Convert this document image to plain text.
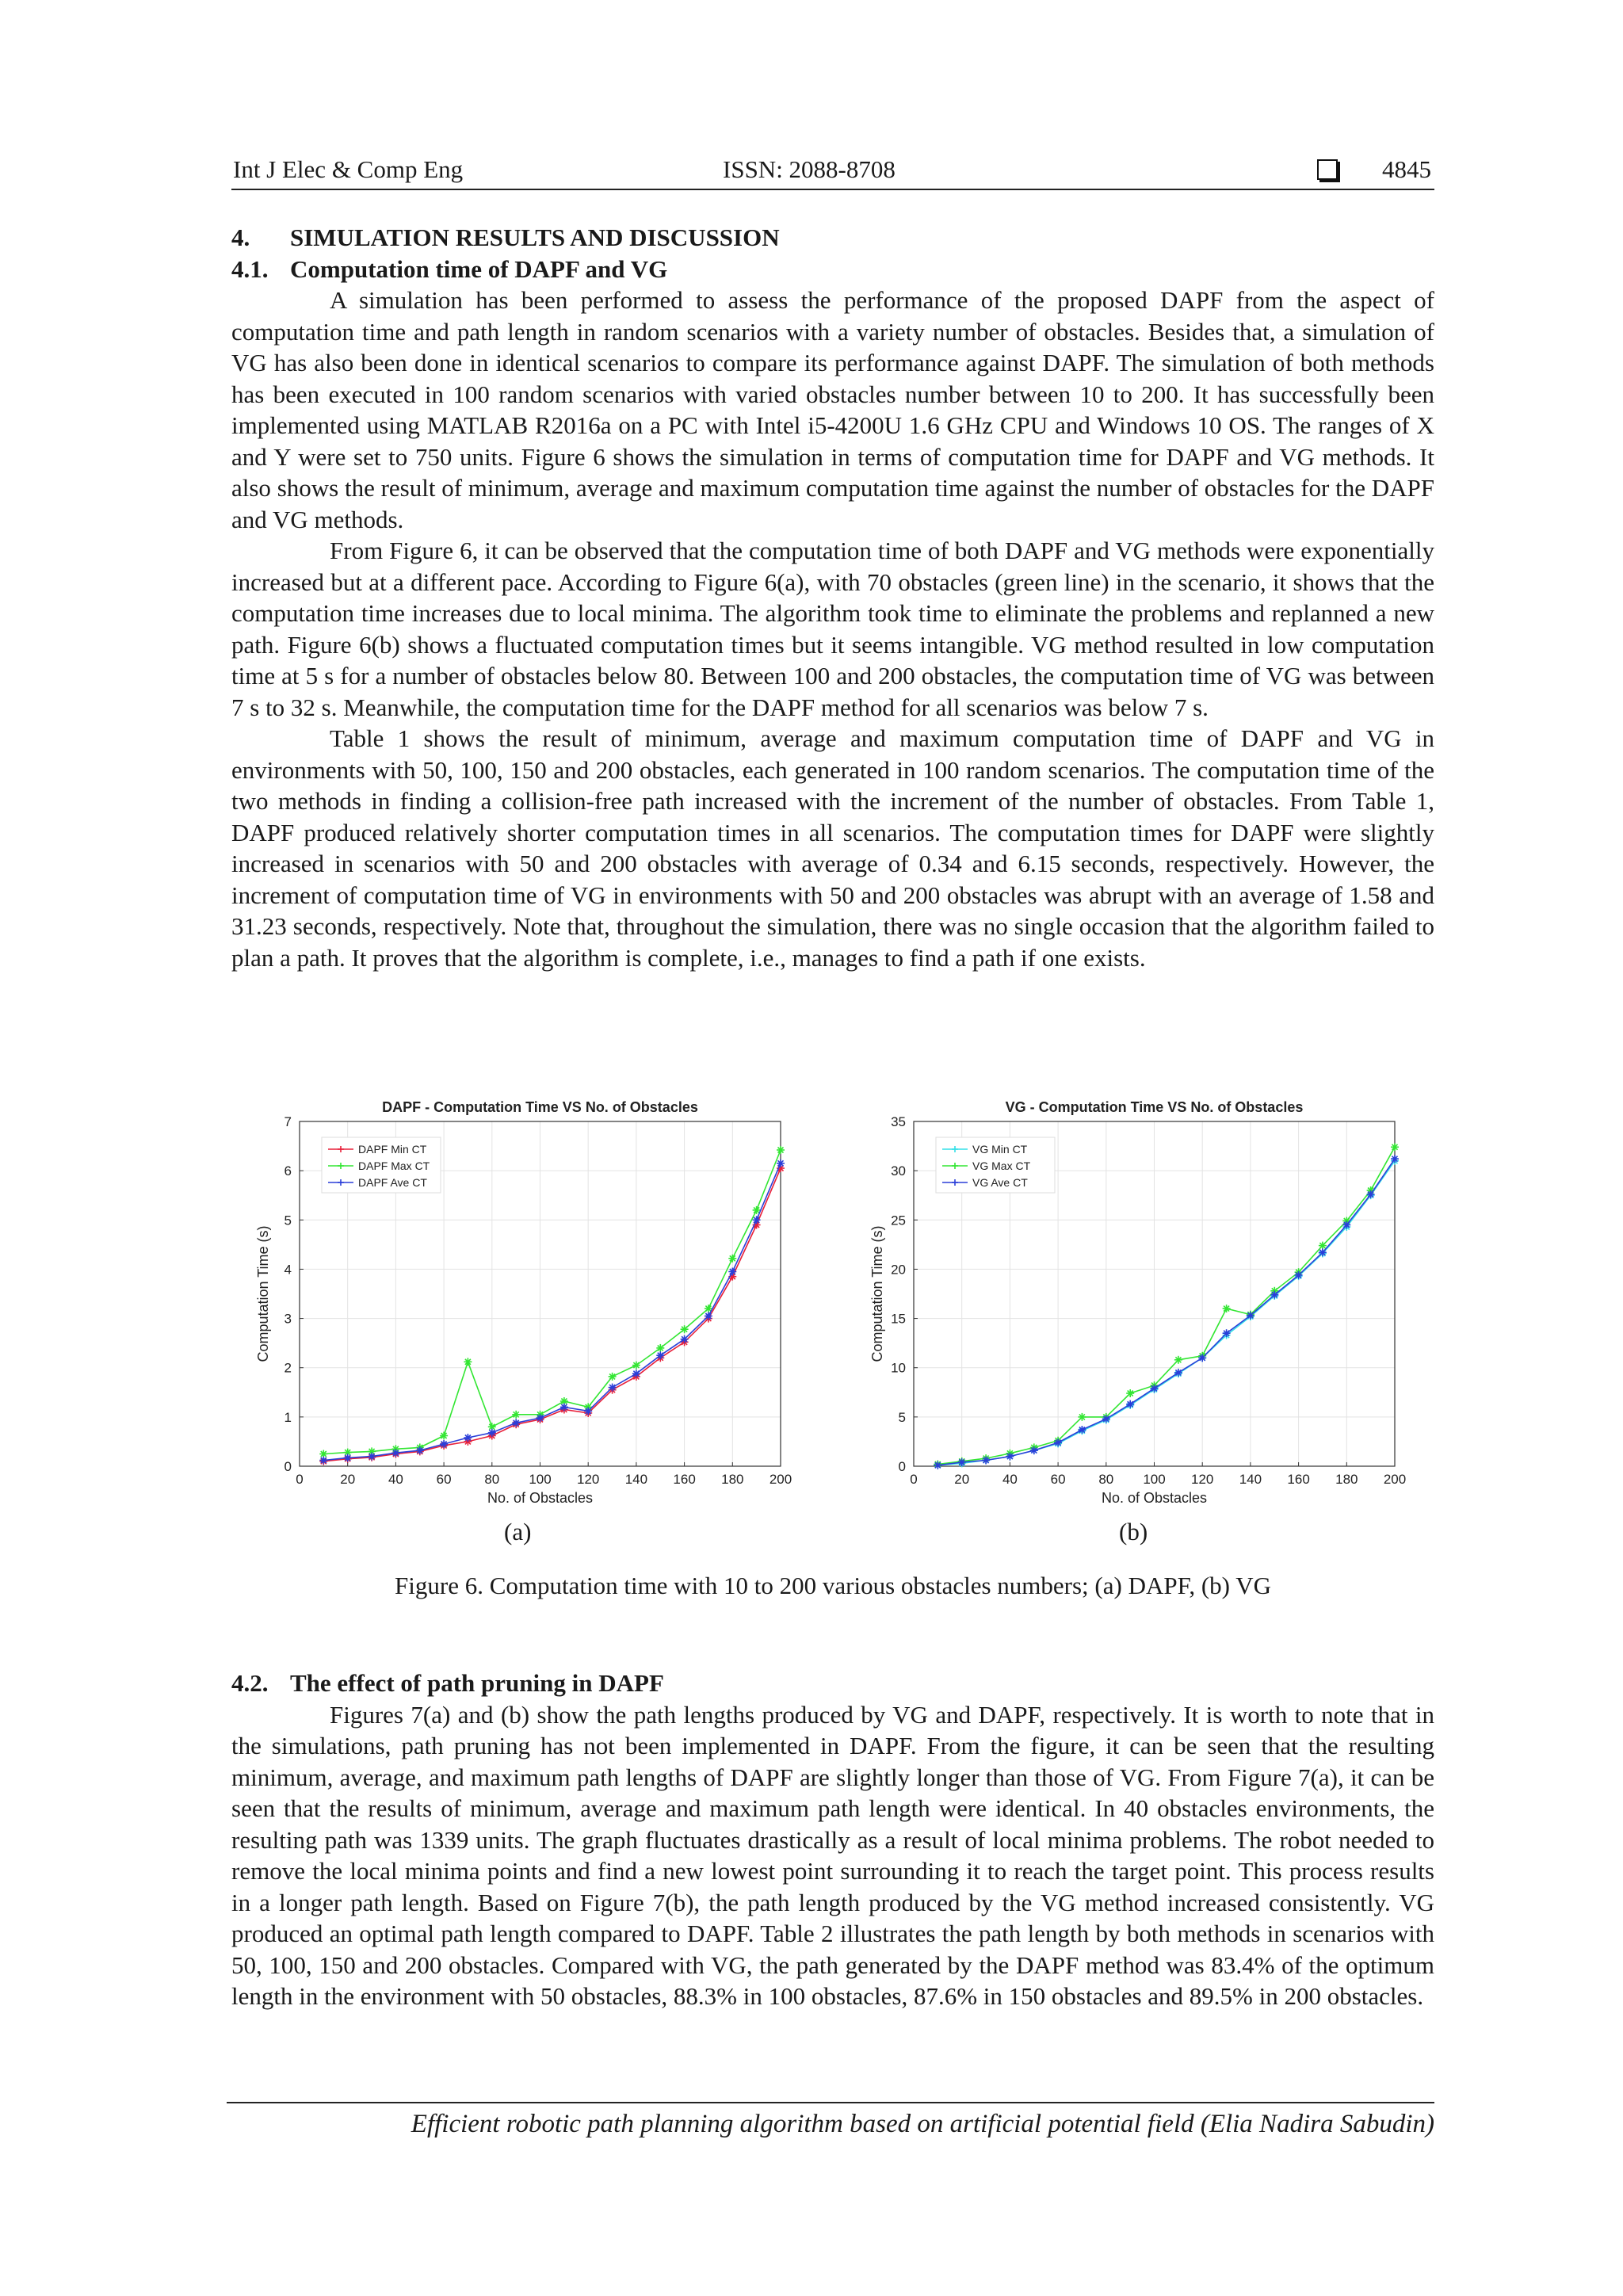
Int J Elec & Comp Eng	ISSN: 2088-8708	4845
4. SIMULATION RESULTS AND DISCUSSION
4.1. Computation time of DAPF and VG

A simulation has been performed to assess the performance of the proposed DAPF from the aspect of computation time and path length in random scenarios with a variety number of obstacles. Besides that, a simulation of VG has also been done in identical scenarios to compare its performance against DAPF. The simulation of both methods has been executed in 100 random scenarios with varied obstacles number between 10 to 200. It has successfully been implemented using MATLAB R2016a on a PC with Intel i5-4200U 1.6 GHz CPU and Windows 10 OS. The ranges of X and Y were set to 750 units. Figure 6 shows the simulation in terms of computation time for DAPF and VG methods. It also shows the result of minimum, average and maximum computation time against the number of obstacles for the DAPF and VG methods.

From Figure 6, it can be observed that the computation time of both DAPF and VG methods were exponentially increased but at a different pace. According to Figure 6(a), with 70 obstacles (green line) in the scenario, it shows that the computation time increases due to local minima. The algorithm took time to eliminate the problems and replanned a new path. Figure 6(b) shows a fluctuated computation times but it seems intangible. VG method resulted in low computation time at 5 s for a number of obstacles below 80. Between 100 and 200 obstacles, the computation time of VG was between 7 s to 32 s. Meanwhile, the computation time for the DAPF method for all scenarios was below 7 s.

Table 1 shows the result of minimum, average and maximum computation time of DAPF and VG in environments with 50, 100, 150 and 200 obstacles, each generated in 100 random scenarios. The computation time of the two methods in finding a collision-free path increased with the increment of the number of obstacles. From Table 1, DAPF produced relatively shorter computation times in all scenarios. The computation times for DAPF were slightly increased in scenarios with 50 and 200 obstacles with average of 0.34 and 6.15 seconds, respectively. However, the increment of computation time of VG in environments with 50 and 200 obstacles was abrupt with an average of 1.58 and 31.23 seconds, respectively. Note that, throughout the simulation, there was no single occasion that the algorithm failed to plan a path. It proves that the algorithm is complete, i.e., manages to find a path if one exists.

0	20 40 60 80 100 120 140 160 180 200
0
1
2
3
4
5
6
7
DAPF - Computation Time VS No. of Obstacles
No. of Obstacles
Computation Time (s)
DAPF Min CT
DAPF Max CT
DAPF Ave CT
(a)
0	20 40 60 80 100 120 140 160 180 200
0
5
10
15
20
25
30
35
VG - Computation Time VS No. of Obstacles
No. of Obstacles
Computation Time (s)
VG Min CT
VG Max CT
VG Ave CT
(b)
Figure 6. Computation time with 10 to 200 various obstacles numbers; (a) DAPF, (b) VG
4.2. The effect of path pruning in DAPF

Figures 7(a) and (b) show the path lengths produced by VG and DAPF, respectively. It is worth to note that in the simulations, path pruning has not been implemented in DAPF. From the figure, it can be seen that the resulting minimum, average, and maximum path lengths of DAPF are slightly longer than those of VG. From Figure 7(a), it can be seen that the results of minimum, average and maximum path length were identical. In 40 obstacles environments, the resulting path was 1339 units. The graph fluctuates drastically as a result of local minima problems. The robot needed to remove the local minima points and find a new lowest point surrounding it to reach the target point. This process results in a longer path length. Based on Figure 7(b), the path length produced by the VG method increased consistently. VG produced an optimal path length compared to DAPF. Table 2 illustrates the path length by both methods in scenarios with 50, 100, 150 and 200 obstacles. Compared with VG, the path generated by the DAPF method was 83.4% of the optimum length in the environment with 50 obstacles, 88.3% in 100 obstacles, 87.6% in 150 obstacles and 89.5% in 200 obstacles.

Efficient robotic path planning algorithm based on artificial potential field (Elia Nadira Sabudin)
